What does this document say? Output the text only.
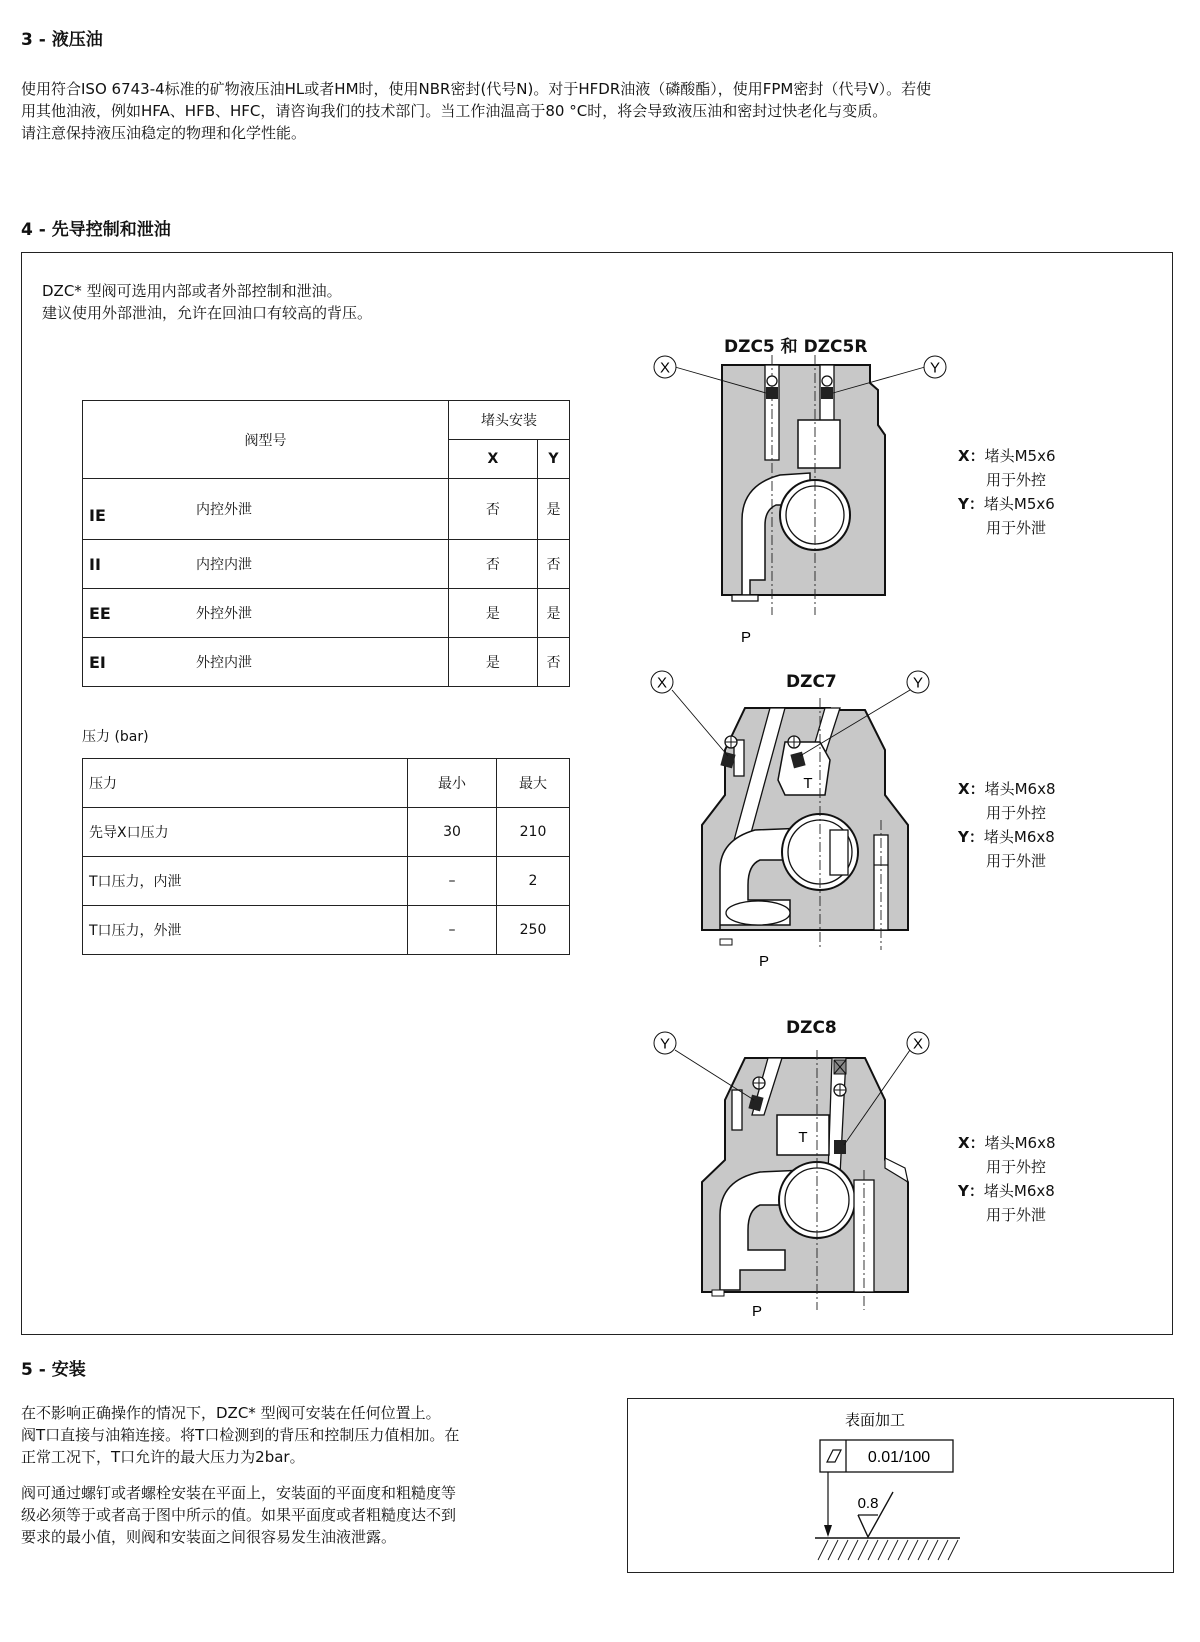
3 - 液压油
使用符合ISO 6743-4标准的矿物液压油HL或者HM时，使用NBR密封(代号N)。对于HFDR油液（磷酸酯），使用FPM密封（代号V）。若使
用其他油液，例如HFA、HFB、HFC，请咨询我们的技术部门。当工作油温高于80 °C时，将会导致液压油和密封过快老化与变质。
请注意保持液压油稳定的物理和化学性能。
4 - 先导控制和泄油
DZC* 型阀可选用内部或者外部控制和泄油。
建议使用外部泄油，允许在回油口有较高的背压。
阀型号		堵头安装	
		X	Y
IE	内控外泄	否	是
II	内控内泄	否	否
EE	外控外泄	是	是
EI	外控内泄	是	否
压力 (bar)
压力	最小	最大
先导X口压力	30	210
T口压力，内泄	–	2
T口压力，外泄	–	250
DZC5 和 DZC5R
X	Y
P
X：堵头M5x6
用于外控
Y：堵头M5x6
用于外泄
DZC7
T
X	Y
P
X：堵头M6x8
用于外控
Y：堵头M6x8
用于外泄
DZC8
T
Y	X
P
X：堵头M6x8
用于外控
Y：堵头M6x8
用于外泄
5 - 安装
在不影响正确操作的情况下，DZC* 型阀可安装在任何位置上。
阀T口直接与油箱连接。将T口检测到的背压和控制压力值相加。在
正常工况下，T口允许的最大压力为2bar。
阀可通过螺钉或者螺栓安装在平面上，安装面的平面度和粗糙度等
级必须等于或者高于图中所示的值。如果平面度或者粗糙度达不到
要求的最小值，则阀和安装面之间很容易发生油液泄露。
表面加工
0.01/100
0.8
